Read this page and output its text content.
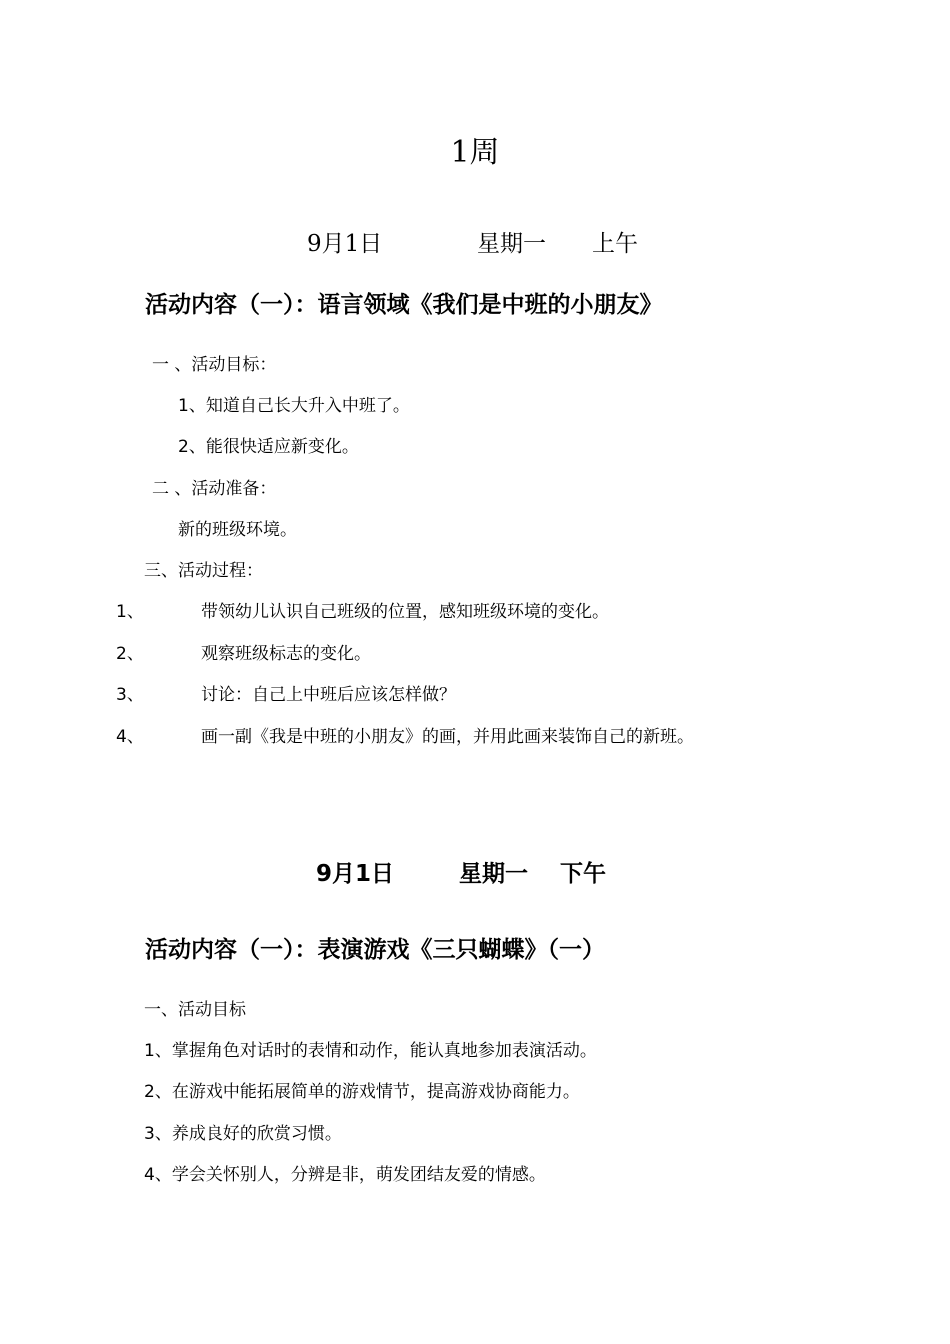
1周
9月1日	星期一 上午
活动内容（一）：语言领域《我们是中班的小朋友》
一 、活动目标：
1、知道自己长大升入中班了。
2、能很快适应新变化。
二 、活动准备：
新的班级环境。
三、活动过程：
1、	带领幼儿认识自己班级的位置，感知班级环境的变化。
2、	观察班级标志的变化。
3、	讨论：自己上中班后应该怎样做？
4、	画一副《我是中班的小朋友》的画，并用此画来装饰自己的新班。
9月1日	星期一 下午
活动内容（一）：表演游戏《三只蝴蝶》（一）
一、活动目标
1、掌握角色对话时的表情和动作，能认真地参加表演活动。
2、在游戏中能拓展简单的游戏情节，提高游戏协商能力。
3、养成良好的欣赏习惯。
4、学会关怀别人，分辨是非，萌发团结友爱的情感。
